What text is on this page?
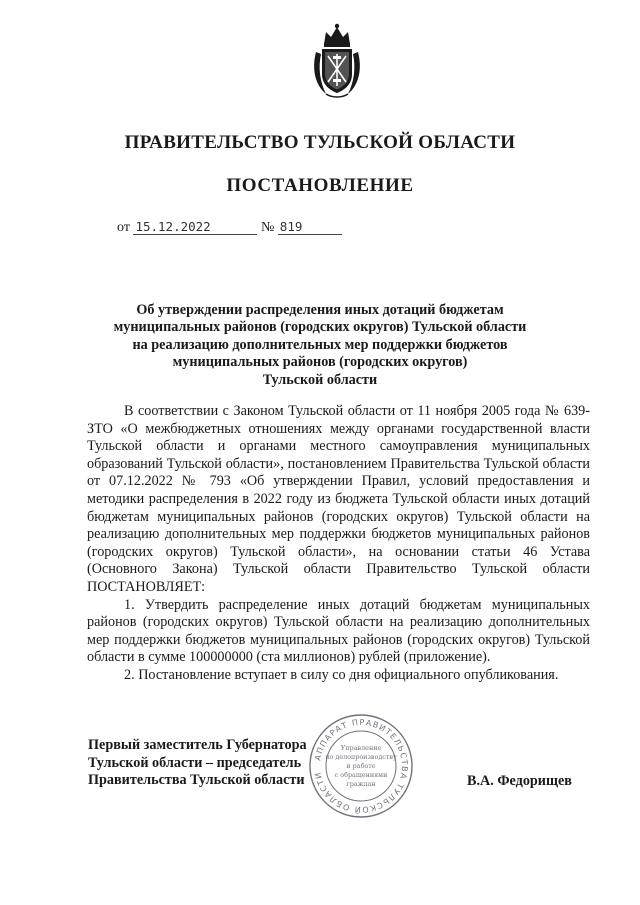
ПРАВИТЕЛЬСТВО ТУЛЬСКОЙ ОБЛАСТИ
ПОСТАНОВЛЕНИЕ
от 15.12.2022	№ 819
Об утверждении распределения иных дотаций бюджетам
муниципальных районов (городских округов) Тульской области
на реализацию дополнительных мер поддержки бюджетов
муниципальных районов (городских округов)
Тульской области

В соответствии с Законом Тульской области от 11 ноября 2005 года № 639-ЗТО «О межбюджетных отношениях между органами государственной власти Тульской области и органами местного самоуправления муниципальных образований Тульской области», постановлением Правительства Тульской области от 07.12.2022 № 793 «Об утверждении Правил, условий предоставления и методики распределения в 2022 году из бюджета Тульской области иных дотаций бюджетам муниципальных районов (городских округов) Тульской области на реализацию дополнительных мер поддержки бюджетов муниципальных районов (городских округов) Тульской области», на основании статьи 46 Устава (Основного Закона) Тульской области Правительство Тульской области ПОСТАНОВЛЯЕТ:

1. Утвердить распределение иных дотаций бюджетам муниципальных районов (городских округов) Тульской области на реализацию дополнительных мер поддержки бюджетов муниципальных районов (городских округов) Тульской области в сумме 100000000 (ста миллионов) рублей (приложение).

2. Постановление вступает в силу со дня официального опубликования.

Первый заместитель Губернатора
Тульской области – председатель
Правительства Тульской области	В.А. Федорищев
АППАРАТ ПРАВИТЕЛЬСТВА ТУЛЬСКОЙ ОБЛАСТИ
Управление
по делопроизводству
и работе
с обращениями
граждан
